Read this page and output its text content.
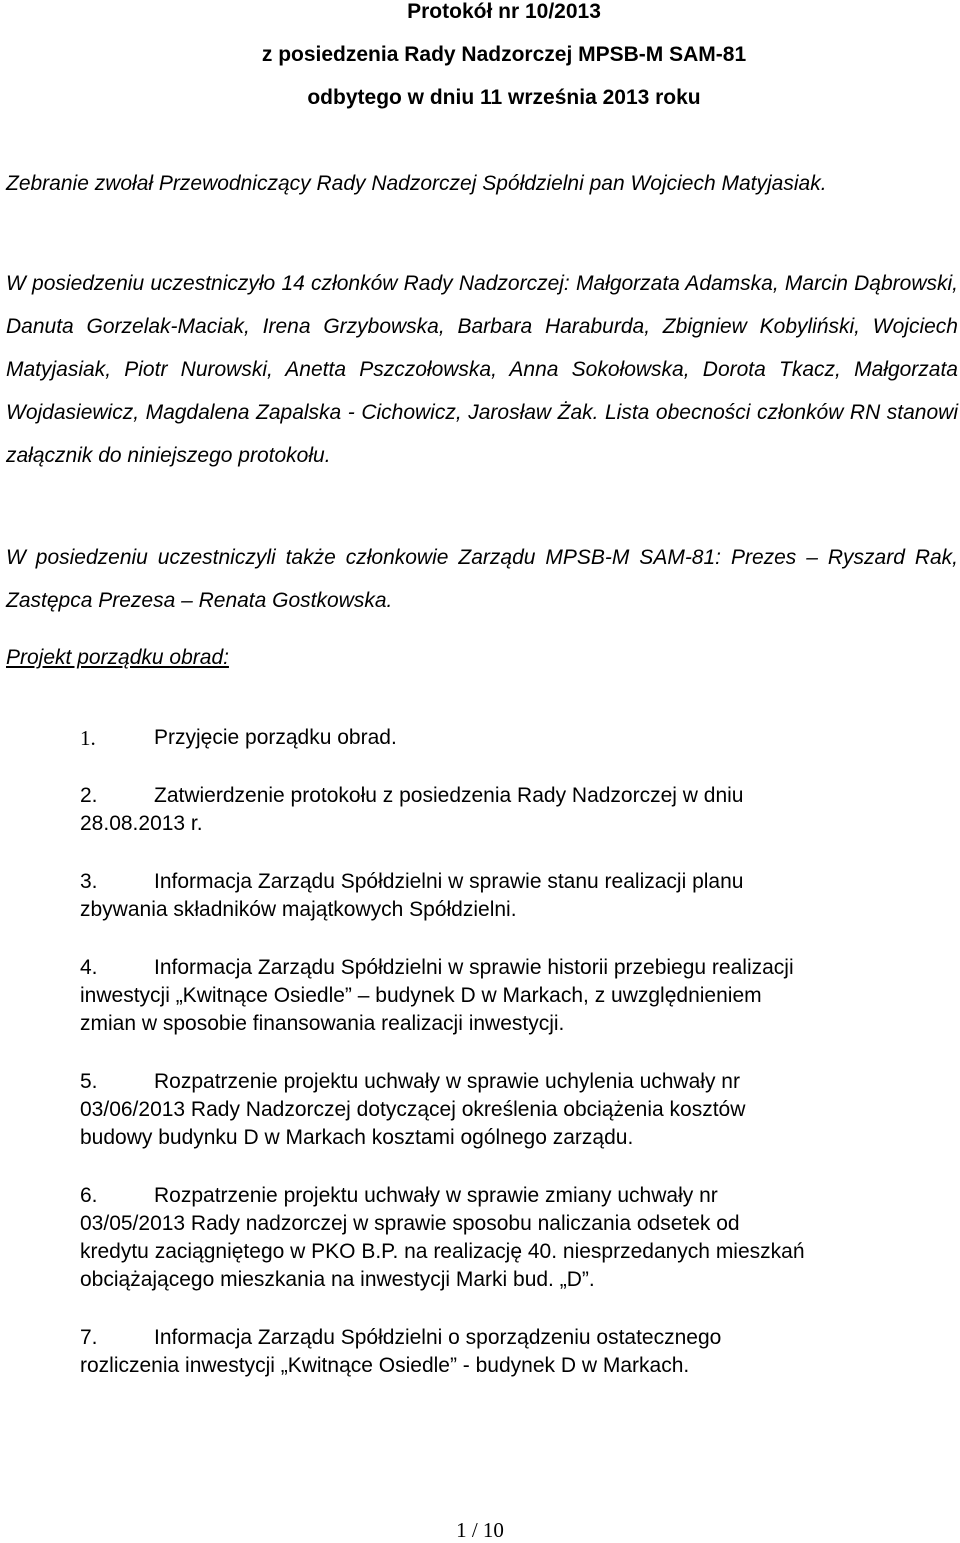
Protokół nr 10/2013
z posiedzenia Rady Nadzorczej MPSB-M SAM-81
odbytego w dniu 11 września 2013 roku
Zebranie zwołał Przewodniczący Rady Nadzorczej Spółdzielni pan Wojciech Matyjasiak.
W posiedzeniu uczestniczyło 14 członków Rady Nadzorczej: Małgorzata Adamska, Marcin Dąbrowski, Danuta Gorzelak-Maciak, Irena Grzybowska, Barbara Haraburda, Zbigniew Kobyliński, Wojciech Matyjasiak, Piotr Nurowski, Anetta Pszczołowska, Anna Sokołowska, Dorota Tkacz, Małgorzata Wojdasiewicz, Magdalena Zapalska - Cichowicz, Jarosław Żak. Lista obecności członków RN stanowi załącznik do niniejszego protokołu.
W posiedzeniu uczestniczyli także członkowie Zarządu MPSB-M SAM-81: Prezes – Ryszard Rak, Zastępca Prezesa – Renata Gostkowska.
Projekt porządku obrad:
1.	Przyjęcie porządku obrad.
2.	Zatwierdzenie protokołu z posiedzenia Rady Nadzorczej w dniu
28.08.2013 r.
3.	Informacja Zarządu Spółdzielni w sprawie stanu realizacji planu
zbywania składników majątkowych Spółdzielni.
4.	Informacja Zarządu Spółdzielni w sprawie historii przebiegu realizacji
inwestycji „Kwitnące Osiedle” – budynek D w Markach, z uwzględnieniem
zmian w sposobie finansowania realizacji inwestycji.
5.	Rozpatrzenie projektu uchwały w sprawie uchylenia uchwały nr
03/06/2013 Rady Nadzorczej dotyczącej określenia obciążenia kosztów
budowy budynku D w Markach kosztami ogólnego zarządu.
6.	Rozpatrzenie projektu uchwały w sprawie zmiany uchwały nr
03/05/2013 Rady nadzorczej w sprawie sposobu naliczania odsetek od
kredytu zaciągniętego w PKO B.P. na realizację 40. niesprzedanych mieszkań
obciążającego mieszkania na inwestycji Marki bud. „D”.
7.	Informacja Zarządu Spółdzielni o sporządzeniu ostatecznego
rozliczenia inwestycji „Kwitnące Osiedle” - budynek D w Markach.
1 / 10
